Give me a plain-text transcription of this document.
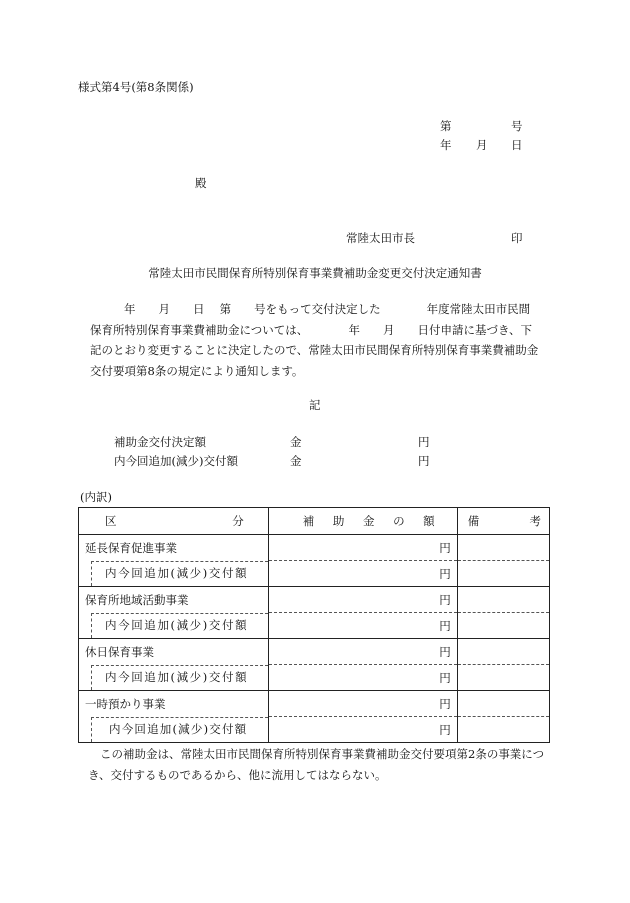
様式第4号(第8条関係)
第	号
年 月 日
殿
常陸太田市長	印
常陸太田市民間保育所特別保育事業費補助金変更交付決定通知書

年　　月　　日　 第　　号をもって交付決定した　　　　年度常陸太田市民間

保育所特別保育事業費補助金については、　　　　年　　月　　日付申請に基づき、下

記のとおり変更することに決定したので、常陸太田市民間保育所特別保育事業費補助金

交付要項第8条の規定により通知します。

記
補助金交付決定額	金	円
内今回追加(減少)交付額	金	円
(内訳)
区 分	補 助 金 の 額	備 考

延長保育促進事業	円	
内今回追加(減少)交付額	円	
保育所地域活動事業	円	
内今回追加(減少)交付額	円	
休日保育事業	円	
内今回追加(減少)交付額	円	
一時預かり事業	円	
内今回追加(減少)交付額	円	

この補助金は、常陸太田市民間保育所特別保育事業費補助金交付要項第2条の事業につ

き、交付するものであるから、他に流用してはならない。
